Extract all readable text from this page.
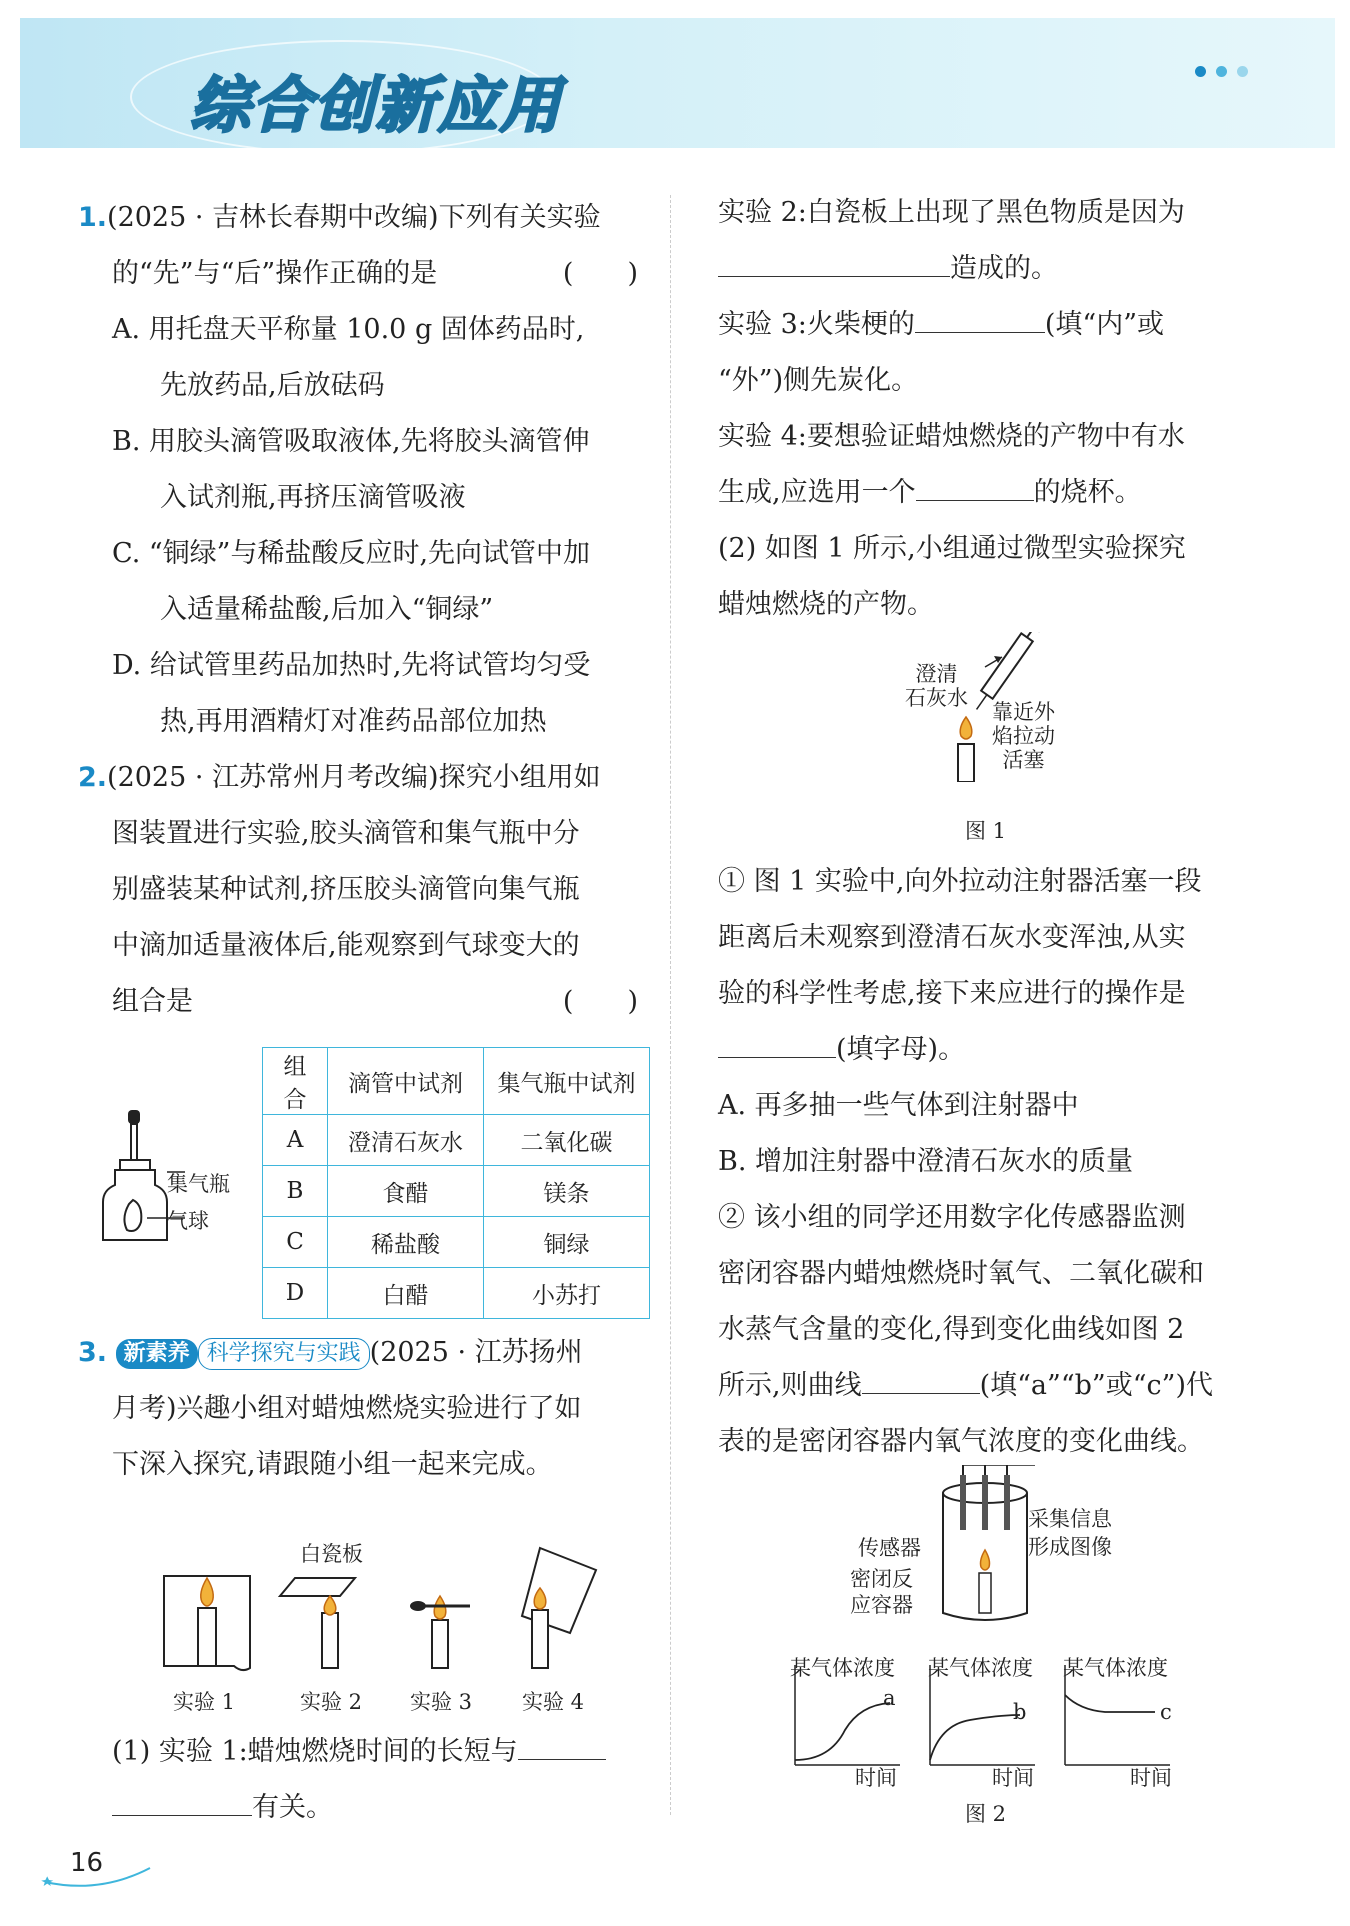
综合创新应用

1.(2025 · 吉林长春期中改编)下列有关实验
的“先”与“后”操作正确的是	(　　)
A. 用托盘天平称量 10.0 g 固体药品时,
先放药品,后放砝码
B. 用胶头滴管吸取液体,先将胶头滴管伸
入试剂瓶,再挤压滴管吸液
C. “铜绿”与稀盐酸反应时,先向试管中加
入适量稀盐酸,后加入“铜绿”
D. 给试管里药品加热时,先将试管均匀受
热,再用酒精灯对准药品部位加热
2.(2025 · 江苏常州月考改编)探究小组用如
图装置进行实验,胶头滴管和集气瓶中分
别盛装某种试剂,挤压胶头滴管向集气瓶
中滴加适量液体后,能观察到气球变大的
组合是	(　　)
集气瓶
气球
组合	滴管中试剂	集气瓶中试剂
A	澄清石灰水	二氧化碳
B	食醋	镁条
C	稀盐酸	铜绿
D	白醋	小苏打
3. 新素养 科学探究与实践 (2025 · 江苏扬州
月考)兴趣小组对蜡烛燃烧实验进行了如
下深入探究,请跟随小组一起来完成。
白瓷板
实验 1	实验 2 实验 3 实验 4
(1) 实验 1:蜡烛燃烧时间的长短与
有关。
实验 2:白瓷板上出现了黑色物质是因为
造成的。
实验 3:火柴梗的	(填“内”或
“外”)侧先炭化。
实验 4:要想验证蜡烛燃烧的产物中有水
生成,应选用一个	的烧杯。
(2) 如图 1 所示,小组通过微型实验探究
蜡烛燃烧的产物。
澄清
石灰水
靠近外
焰拉动
活塞
图 1
① 图 1 实验中,向外拉动注射器活塞一段
距离后未观察到澄清石灰水变浑浊,从实
验的科学性考虑,接下来应进行的操作是
(填字母)。
A. 再多抽一些气体到注射器中
B. 增加注射器中澄清石灰水的质量
② 该小组的同学还用数字化传感器监测
密闭容器内蜡烛燃烧时氧气、二氧化碳和
水蒸气含量的变化,得到变化曲线如图 2
所示,则曲线	(填“a”“b”或“c”)代
表的是密闭容器内氧气浓度的变化曲线。
传感器
密闭反
应容器
采集信息
形成图像
某气体浓度 某气体浓度 某气体浓度
a
b	c
时间	时间	时间
图 2
16
